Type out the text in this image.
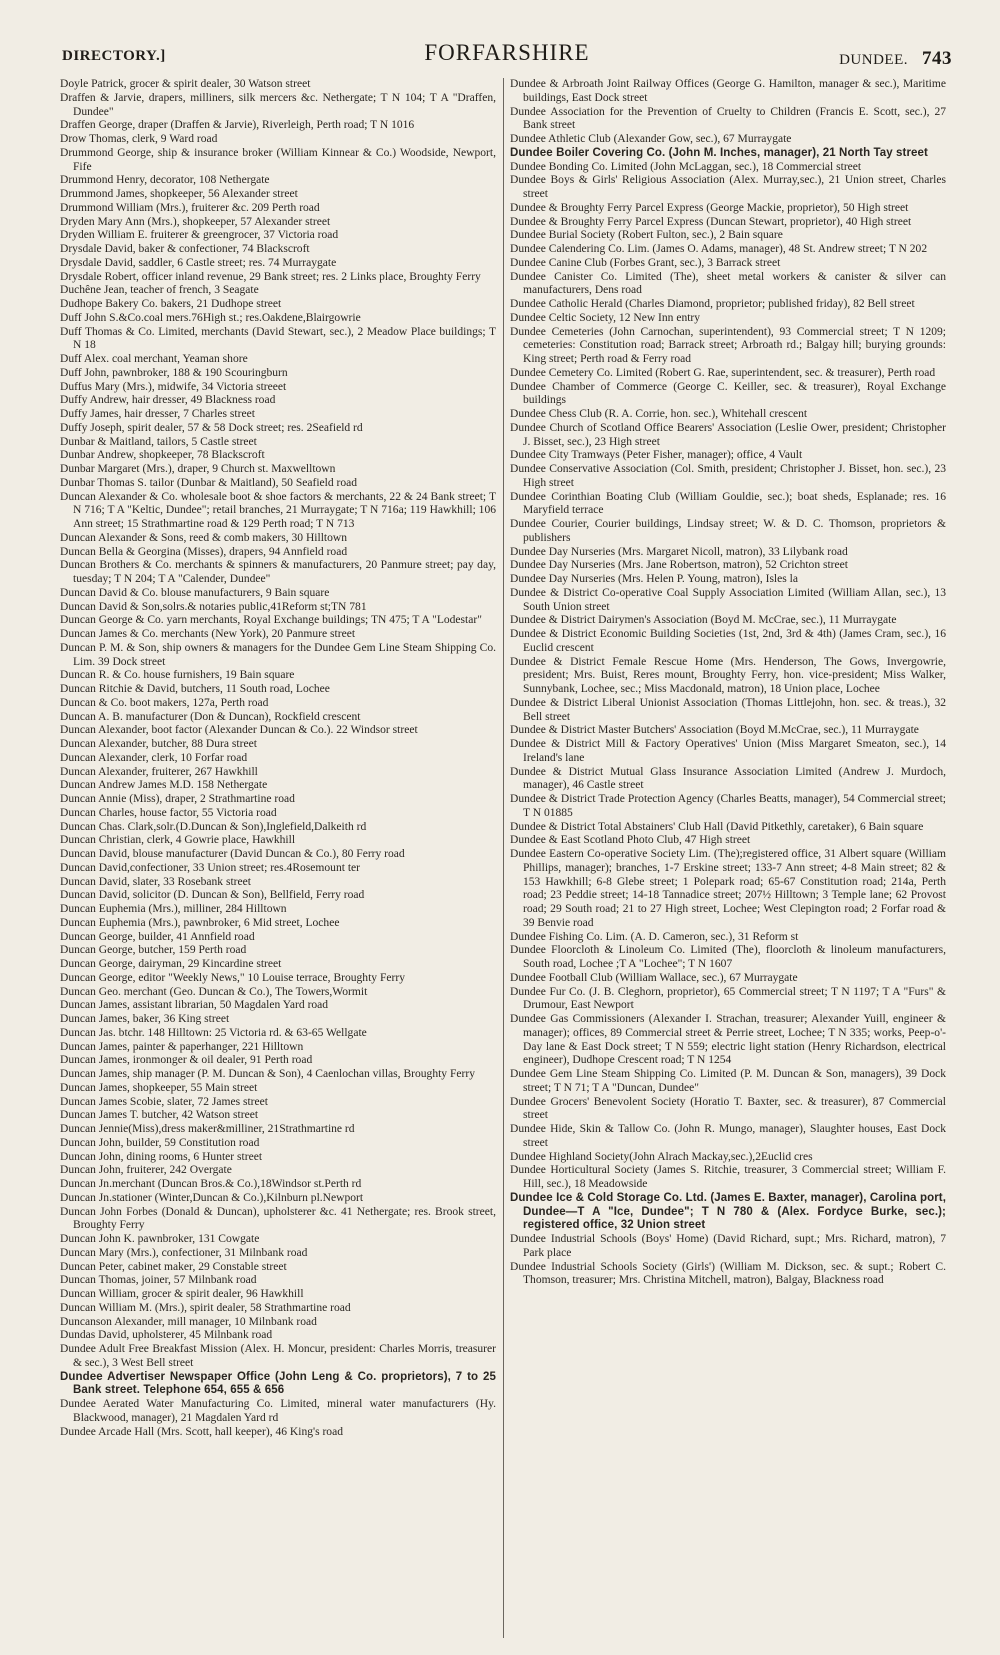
DIRECTORY.]	FORFARSHIRE	DUNDEE. 743

Doyle Patrick, grocer & spirit dealer, 30 Watson street

Draffen & Jarvie, drapers, milliners, silk mercers &c. Nethergate; T N 104; T A "Draffen, Dundee"

Draffen George, draper (Draffen & Jarvie), Riverleigh, Perth road; T N 1016

Drow Thomas, clerk, 9 Ward road

Drummond George, ship & insurance broker (William Kinnear & Co.) Woodside, Newport, Fife

Drummond Henry, decorator, 108 Nethergate

Drummond James, shopkeeper, 56 Alexander street

Drummond William (Mrs.), fruiterer &c. 209 Perth road

Dryden Mary Ann (Mrs.), shopkeeper, 57 Alexander street

Dryden William E. fruiterer & greengrocer, 37 Victoria road

Drysdale David, baker & confectioner, 74 Blackscroft

Drysdale David, saddler, 6 Castle street; res. 74 Murraygate

Drysdale Robert, officer inland revenue, 29 Bank street; res. 2 Links place, Broughty Ferry

Duchêne Jean, teacher of french, 3 Seagate

Dudhope Bakery Co. bakers, 21 Dudhope street

Duff John S.&Co.coal mers.76High st.; res.Oakdene,Blairgowrie

Duff Thomas & Co. Limited, merchants (David Stewart, sec.), 2 Meadow Place buildings; T N 18

Duff Alex. coal merchant, Yeaman shore

Duff John, pawnbroker, 188 & 190 Scouringburn

Duffus Mary (Mrs.), midwife, 34 Victoria streeet

Duffy Andrew, hair dresser, 49 Blackness road

Duffy James, hair dresser, 7 Charles street

Duffy Joseph, spirit dealer, 57 & 58 Dock street; res. 2Seafield rd

Dunbar & Maitland, tailors, 5 Castle street

Dunbar Andrew, shopkeeper, 78 Blackscroft

Dunbar Margaret (Mrs.), draper, 9 Church st. Maxwelltown

Dunbar Thomas S. tailor (Dunbar & Maitland), 50 Seafield road

Duncan Alexander & Co. wholesale boot & shoe factors & merchants, 22 & 24 Bank street; T N 716; T A "Keltic, Dundee"; retail branches, 21 Murraygate; T N 716a; 119 Hawkhill; 106 Ann street; 15 Strathmartine road & 129 Perth road; T N 713

Duncan Alexander & Sons, reed & comb makers, 30 Hilltown

Duncan Bella & Georgina (Misses), drapers, 94 Annfield road

Duncan Brothers & Co. merchants & spinners & manufacturers, 20 Panmure street; pay day, tuesday; T N 204; T A "Calender, Dundee"

Duncan David & Co. blouse manufacturers, 9 Bain square

Duncan David & Son,solrs.& notaries public,41Reform st;TN 781

Duncan George & Co. yarn merchants, Royal Exchange buildings; TN 475; T A "Lodestar"

Duncan James & Co. merchants (New York), 20 Panmure street

Duncan P. M. & Son, ship owners & managers for the Dundee Gem Line Steam Shipping Co. Lim. 39 Dock street

Duncan R. & Co. house furnishers, 19 Bain square

Duncan Ritchie & David, butchers, 11 South road, Lochee

Duncan & Co. boot makers, 127a, Perth road

Duncan A. B. manufacturer (Don & Duncan), Rockfield crescent

Duncan Alexander, boot factor (Alexander Duncan & Co.). 22 Windsor street

Duncan Alexander, butcher, 88 Dura street

Duncan Alexander, clerk, 10 Forfar road

Duncan Alexander, fruiterer, 267 Hawkhill

Duncan Andrew James M.D. 158 Nethergate

Duncan Annie (Miss), draper, 2 Strathmartine road

Duncan Charles, house factor, 55 Victoria road

Duncan Chas. Clark,solr.(D.Duncan & Son),Inglefield,Dalkeith rd

Duncan Christian, clerk, 4 Gowrie place, Hawkhill

Duncan David, blouse manufacturer (David Duncan & Co.), 80 Ferry road

Duncan David,confectioner, 33 Union street; res.4Rosemount ter

Duncan David, slater, 33 Rosebank street

Duncan David, solicitor (D. Duncan & Son), Bellfield, Ferry road

Duncan Euphemia (Mrs.), milliner, 284 Hilltown

Duncan Euphemia (Mrs.), pawnbroker, 6 Mid street, Lochee

Duncan George, builder, 41 Annfield road

Duncan George, butcher, 159 Perth road

Duncan George, dairyman, 29 Kincardine street

Duncan George, editor "Weekly News," 10 Louise terrace, Broughty Ferry

Duncan Geo. merchant (Geo. Duncan & Co.), The Towers,Wormit

Duncan James, assistant librarian, 50 Magdalen Yard road

Duncan James, baker, 36 King street

Duncan Jas. btchr. 148 Hilltown: 25 Victoria rd. & 63-65 Wellgate

Duncan James, painter & paperhanger, 221 Hilltown

Duncan James, ironmonger & oil dealer, 91 Perth road

Duncan James, ship manager (P. M. Duncan & Son), 4 Caenlochan villas, Broughty Ferry

Duncan James, shopkeeper, 55 Main street

Duncan James Scobie, slater, 72 James street

Duncan James T. butcher, 42 Watson street

Duncan Jennie(Miss),dress maker&milliner, 21Strathmartine rd

Duncan John, builder, 59 Constitution road

Duncan John, dining rooms, 6 Hunter street

Duncan John, fruiterer, 242 Overgate

Duncan Jn.merchant (Duncan Bros.& Co.),18Windsor st.Perth rd

Duncan Jn.stationer (Winter,Duncan & Co.),Kilnburn pl.Newport

Duncan John Forbes (Donald & Duncan), upholsterer &c. 41 Nethergate; res. Brook street, Broughty Ferry

Duncan John K. pawnbroker, 131 Cowgate

Duncan Mary (Mrs.), confectioner, 31 Milnbank road

Duncan Peter, cabinet maker, 29 Constable street

Duncan Thomas, joiner, 57 Milnbank road

Duncan William, grocer & spirit dealer, 96 Hawkhill

Duncan William M. (Mrs.), spirit dealer, 58 Strathmartine road

Duncanson Alexander, mill manager, 10 Milnbank road

Dundas David, upholsterer, 45 Milnbank road

Dundee Adult Free Breakfast Mission (Alex. H. Moncur, president: Charles Morris, treasurer & sec.), 3 West Bell street

Dundee Advertiser Newspaper Office (John Leng & Co. proprietors), 7 to 25 Bank street. Telephone 654, 655 & 656

Dundee Aerated Water Manufacturing Co. Limited, mineral water manufacturers (Hy. Blackwood, manager), 21 Magdalen Yard rd

Dundee Arcade Hall (Mrs. Scott, hall keeper), 46 King's road

Dundee & Arbroath Joint Railway Offices (George G. Hamilton, manager & sec.), Maritime buildings, East Dock street

Dundee Association for the Prevention of Cruelty to Children (Francis E. Scott, sec.), 27 Bank street

Dundee Athletic Club (Alexander Gow, sec.), 67 Murraygate

Dundee Boiler Covering Co. (John M. Inches, manager), 21 North Tay street

Dundee Bonding Co. Limited (John McLaggan, sec.), 18 Commercial street

Dundee Boys & Girls' Religious Association (Alex. Murray,sec.), 21 Union street, Charles street

Dundee & Broughty Ferry Parcel Express (George Mackie, proprietor), 50 High street

Dundee & Broughty Ferry Parcel Express (Duncan Stewart, proprietor), 40 High street

Dundee Burial Society (Robert Fulton, sec.), 2 Bain square

Dundee Calendering Co. Lim. (James O. Adams, manager), 48 St. Andrew street; T N 202

Dundee Canine Club (Forbes Grant, sec.), 3 Barrack street

Dundee Canister Co. Limited (The), sheet metal workers & canister & silver can manufacturers, Dens road

Dundee Catholic Herald (Charles Diamond, proprietor; published friday), 82 Bell street

Dundee Celtic Society, 12 New Inn entry

Dundee Cemeteries (John Carnochan, superintendent), 93 Commercial street; T N 1209; cemeteries: Constitution road; Barrack street; Arbroath rd.; Balgay hill; burying grounds: King street; Perth road & Ferry road

Dundee Cemetery Co. Limited (Robert G. Rae, superintendent, sec. & treasurer), Perth road

Dundee Chamber of Commerce (George C. Keiller, sec. & treasurer), Royal Exchange buildings

Dundee Chess Club (R. A. Corrie, hon. sec.), Whitehall crescent

Dundee Church of Scotland Office Bearers' Association (Leslie Ower, president; Christopher J. Bisset, sec.), 23 High street

Dundee City Tramways (Peter Fisher, manager); office, 4 Vault

Dundee Conservative Association (Col. Smith, president; Christopher J. Bisset, hon. sec.), 23 High street

Dundee Corinthian Boating Club (William Gouldie, sec.); boat sheds, Esplanade; res. 16 Maryfield terrace

Dundee Courier, Courier buildings, Lindsay street; W. & D. C. Thomson, proprietors & publishers

Dundee Day Nurseries (Mrs. Margaret Nicoll, matron), 33 Lilybank road

Dundee Day Nurseries (Mrs. Jane Robertson, matron), 52 Crichton street

Dundee Day Nurseries (Mrs. Helen P. Young, matron), Isles la

Dundee & District Co-operative Coal Supply Association Limited (William Allan, sec.), 13 South Union street

Dundee & District Dairymen's Association (Boyd M. McCrae, sec.), 11 Murraygate

Dundee & District Economic Building Societies (1st, 2nd, 3rd & 4th) (James Cram, sec.), 16 Euclid crescent

Dundee & District Female Rescue Home (Mrs. Henderson, The Gows, Invergowrie, president; Mrs. Buist, Reres mount, Broughty Ferry, hon. vice-president; Miss Walker, Sunnybank, Lochee, sec.; Miss Macdonald, matron), 18 Union place, Lochee

Dundee & District Liberal Unionist Association (Thomas Littlejohn, hon. sec. & treas.), 32 Bell street

Dundee & District Master Butchers' Association (Boyd M.McCrae, sec.), 11 Murraygate

Dundee & District Mill & Factory Operatives' Union (Miss Margaret Smeaton, sec.), 14 Ireland's lane

Dundee & District Mutual Glass Insurance Association Limited (Andrew J. Murdoch, manager), 46 Castle street

Dundee & District Trade Protection Agency (Charles Beatts, manager), 54 Commercial street; T N 01885

Dundee & District Total Abstainers' Club Hall (David Pitkethly, caretaker), 6 Bain square

Dundee & East Scotland Photo Club, 47 High street

Dundee Eastern Co-operative Society Lim. (The);registered office, 31 Albert square (William Phillips, manager); branches, 1-7 Erskine street; 133-7 Ann street; 4-8 Main street; 82 & 153 Hawkhill; 6-8 Glebe street; 1 Polepark road; 65-67 Constitution road; 214a, Perth road; 23 Peddie street; 14-18 Tannadice street; 207½ Hilltown; 3 Temple lane; 62 Provost road; 29 South road; 21 to 27 High street, Lochee; West Clepington road; 2 Forfar road & 39 Benvie road

Dundee Fishing Co. Lim. (A. D. Cameron, sec.), 31 Reform st

Dundee Floorcloth & Linoleum Co. Limited (The), floorcloth & linoleum manufacturers, South road, Lochee ;T A "Lochee"; T N 1607

Dundee Football Club (William Wallace, sec.), 67 Murraygate

Dundee Fur Co. (J. B. Cleghorn, proprietor), 65 Commercial street; T N 1197; T A "Furs" & Drumour, East Newport

Dundee Gas Commissioners (Alexander I. Strachan, treasurer; Alexander Yuill, engineer & manager); offices, 89 Commercial street & Perrie street, Lochee; T N 335; works, Peep-o'-Day lane & East Dock street; T N 559; electric light station (Henry Richardson, electrical engineer), Dudhope Crescent road; T N 1254

Dundee Gem Line Steam Shipping Co. Limited (P. M. Duncan & Son, managers), 39 Dock street; T N 71; T A "Duncan, Dundee"

Dundee Grocers' Benevolent Society (Horatio T. Baxter, sec. & treasurer), 87 Commercial street

Dundee Hide, Skin & Tallow Co. (John R. Mungo, manager), Slaughter houses, East Dock street

Dundee Highland Society(John Alrach Mackay,sec.),2Euclid cres

Dundee Horticultural Society (James S. Ritchie, treasurer, 3 Commercial street; William F. Hill, sec.), 18 Meadowside

Dundee Ice & Cold Storage Co. Ltd. (James E. Baxter, manager), Carolina port, Dundee—T A "Ice, Dundee"; T N 780 & (Alex. Fordyce Burke, sec.); registered office, 32 Union street

Dundee Industrial Schools (Boys' Home) (David Richard, supt.; Mrs. Richard, matron), 7 Park place

Dundee Industrial Schools Society (Girls') (William M. Dickson, sec. & supt.; Robert C. Thomson, treasurer; Mrs. Christina Mitchell, matron), Balgay, Blackness road
